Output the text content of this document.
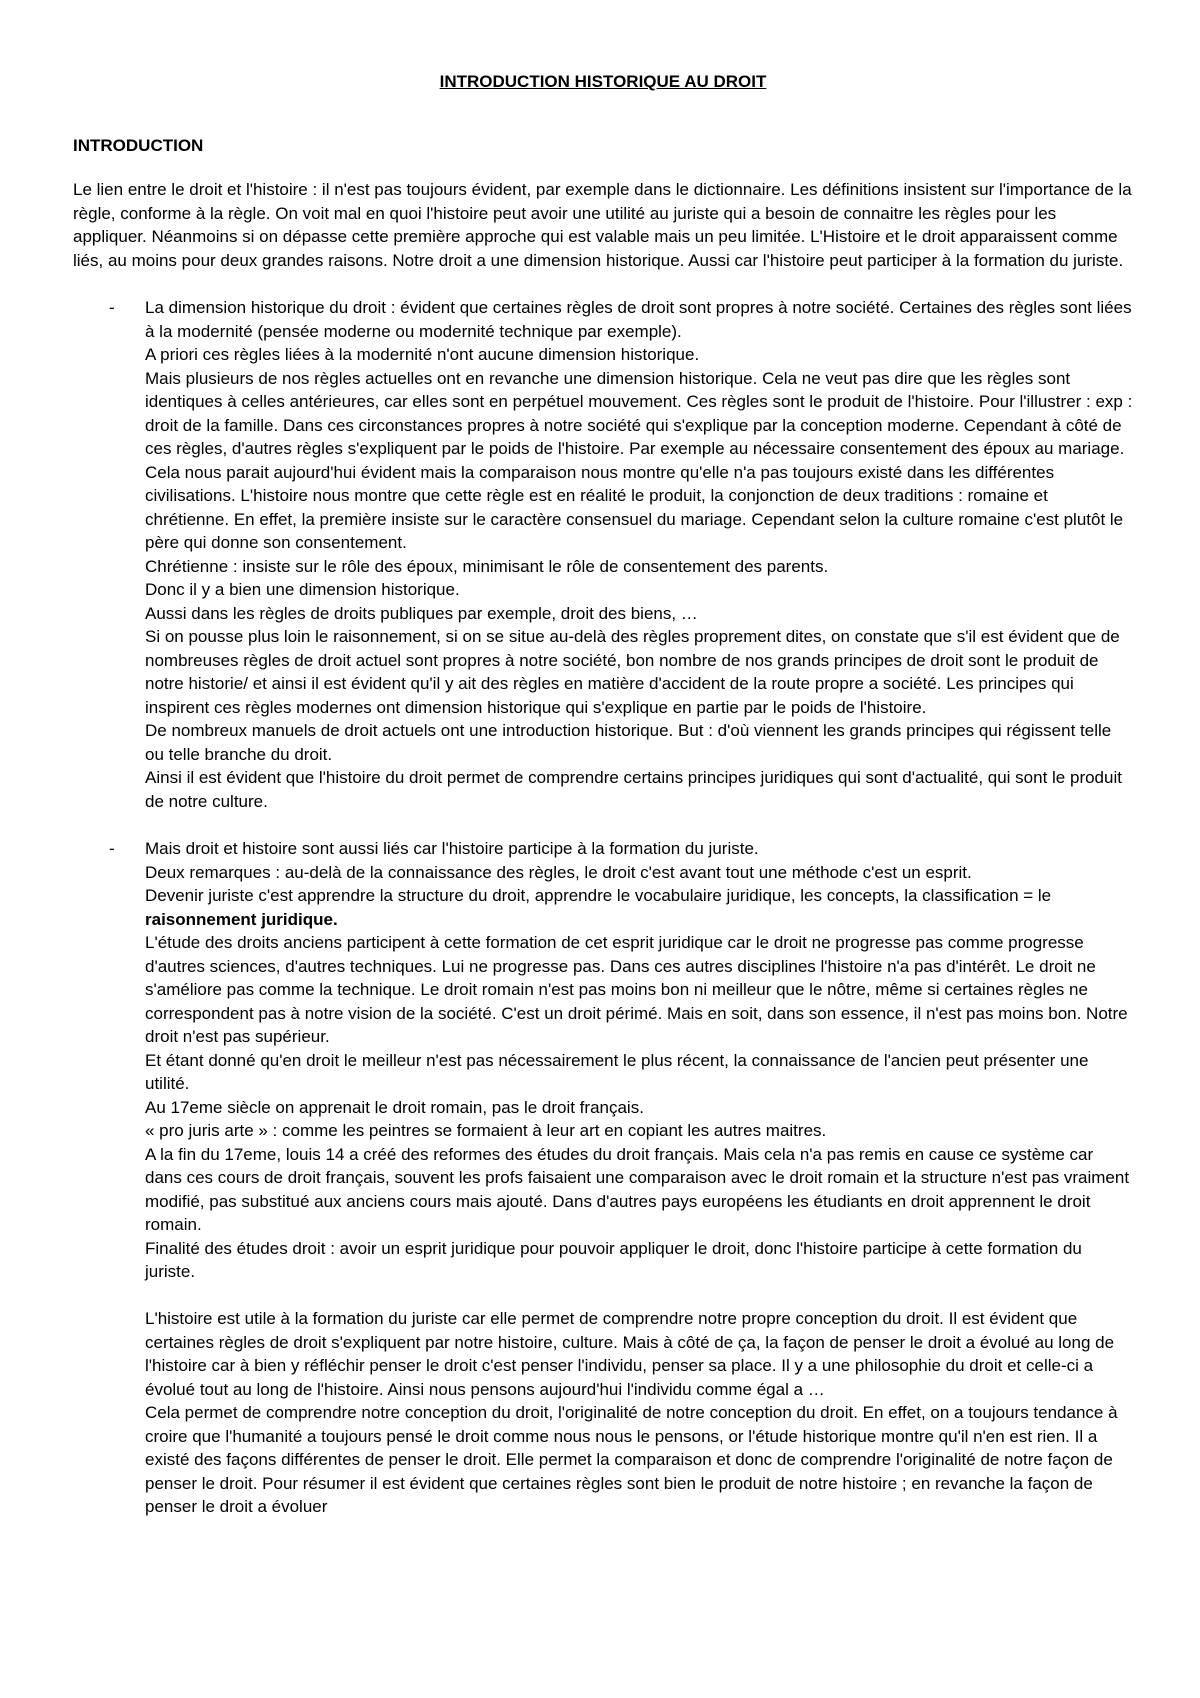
INTRODUCTION HISTORIQUE AU DROIT
INTRODUCTION

Le lien entre le droit et l'histoire : il n'est pas toujours évident, par exemple dans le dictionnaire. Les définitions insistent sur l'importance de la règle, conforme à la règle. On voit mal en quoi l'histoire peut avoir une utilité au juriste qui a besoin de connaitre les règles pour les appliquer. Néanmoins si on dépasse cette première approche qui est valable mais un peu limitée. L'Histoire et le droit apparaissent comme liés, au moins pour deux grandes raisons. Notre droit a une dimension historique. Aussi car l'histoire peut participer à la formation du juriste.

- La dimension historique du droit : évident que certaines règles de droit sont propres à notre société. Certaines des règles sont liées à la modernité (pensée moderne ou modernité technique par exemple).

A priori ces règles liées à la modernité n'ont aucune dimension historique.

Mais plusieurs de nos règles actuelles ont en revanche une dimension historique. Cela ne veut pas dire que les règles sont identiques à celles antérieures, car elles sont en perpétuel mouvement. Ces règles sont le produit de l'histoire. Pour l'illustrer : exp : droit de la famille. Dans ces circonstances propres à notre société qui s'explique par la conception moderne. Cependant à côté de ces règles, d'autres règles s'expliquent par le poids de l'histoire. Par exemple au nécessaire consentement des époux au mariage. Cela nous parait aujourd'hui évident mais la comparaison nous montre qu'elle n'a pas toujours existé dans les différentes civilisations. L'histoire nous montre que cette règle est en réalité le produit, la conjonction de deux traditions : romaine et chrétienne. En effet, la première insiste sur le caractère consensuel du mariage. Cependant selon la culture romaine c'est plutôt le père qui donne son consentement.

Chrétienne : insiste sur le rôle des époux, minimisant le rôle de consentement des parents.

Donc il y a bien une dimension historique.

Aussi dans les règles de droits publiques par exemple, droit des biens, …

Si on pousse plus loin le raisonnement, si on se situe au-delà des règles proprement dites, on constate que s'il est évident que de nombreuses règles de droit actuel sont propres à notre société, bon nombre de nos grands principes de droit sont le produit de notre historie/ et ainsi il est évident qu'il y ait des règles en matière d'accident de la route propre a société. Les principes qui inspirent ces règles modernes ont dimension historique qui s'explique en partie par le poids de l'histoire.

De nombreux manuels de droit actuels ont une introduction historique. But : d'où viennent les grands principes qui régissent telle ou telle branche du droit.

Ainsi il est évident que l'histoire du droit permet de comprendre certains principes juridiques qui sont d'actualité, qui sont le produit de notre culture.

- Mais droit et histoire sont aussi liés car l'histoire participe à la formation du juriste.

Deux remarques : au-delà de la connaissance des règles, le droit c'est avant tout une méthode c'est un esprit.

Devenir juriste c'est apprendre la structure du droit, apprendre le vocabulaire juridique, les concepts, la classification = le raisonnement juridique.

L'étude des droits anciens participent à cette formation de cet esprit juridique car le droit ne progresse pas comme progresse d'autres sciences, d'autres techniques. Lui ne progresse pas. Dans ces autres disciplines l'histoire n'a pas d'intérêt. Le droit ne s'améliore pas comme la technique. Le droit romain n'est pas moins bon ni meilleur que le nôtre, même si certaines règles ne correspondent pas à notre vision de la société. C'est un droit périmé. Mais en soit, dans son essence, il n'est pas moins bon. Notre droit n'est pas supérieur.

Et étant donné qu'en droit le meilleur n'est pas nécessairement le plus récent, la connaissance de l'ancien peut présenter une utilité.

Au 17eme siècle on apprenait le droit romain, pas le droit français.

« pro juris arte » : comme les peintres se formaient à leur art en copiant les autres maitres.

A la fin du 17eme, louis 14 a créé des reformes des études du droit français. Mais cela n'a pas remis en cause ce système car dans ces cours de droit français, souvent les profs faisaient une comparaison avec le droit romain et la structure n'est pas vraiment modifié, pas substitué aux anciens cours mais ajouté. Dans d'autres pays européens les étudiants en droit apprennent le droit romain.

Finalité des études droit : avoir un esprit juridique pour pouvoir appliquer le droit, donc l'histoire participe à cette formation du juriste.

L'histoire est utile à la formation du juriste car elle permet de comprendre notre propre conception du droit. Il est évident que certaines règles de droit s'expliquent par notre histoire, culture. Mais à côté de ça, la façon de penser le droit a évolué au long de l'histoire car à bien y réfléchir penser le droit c'est penser l'individu, penser sa place. Il y a une philosophie du droit et celle-ci a évolué tout au long de l'histoire. Ainsi nous pensons aujourd'hui l'individu comme égal a …

Cela permet de comprendre notre conception du droit, l'originalité de notre conception du droit. En effet, on a toujours tendance à croire que l'humanité a toujours pensé le droit comme nous nous le pensons, or l'étude historique montre qu'il n'en est rien. Il a existé des façons différentes de penser le droit. Elle permet la comparaison et donc de comprendre l'originalité de notre façon de penser le droit. Pour résumer il est évident que certaines règles sont bien le produit de notre histoire ; en revanche la façon de penser le droit a évoluer
